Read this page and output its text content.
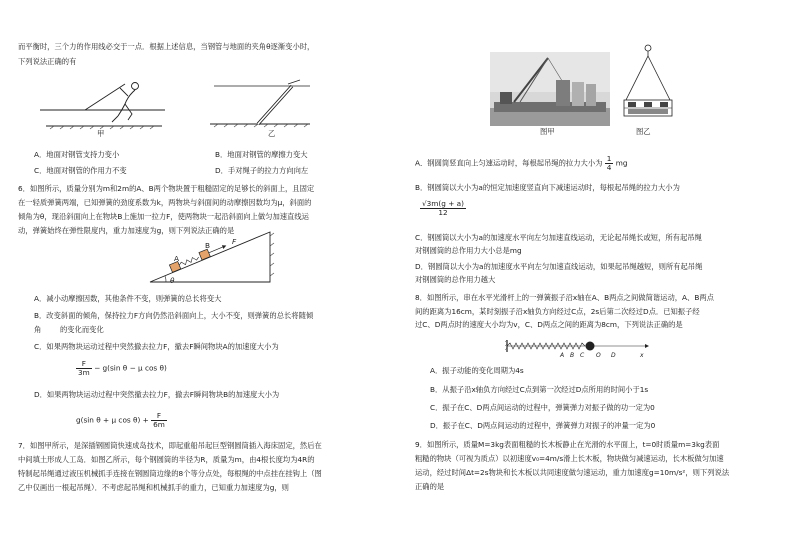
而平衡时，三个力的作用线必交于一点．根据上述信息，当钢管与地面的夹角θ逐渐变小时，
下列说法正确的有
甲	乙
A．地面对钢管支持力变小	B．地面对钢管的摩擦力变大
C．地面对钢管的作用力不变	D．手对绳子的拉力方向向左
6．如图所示，质量分别为m和2m的A、B两个物块置于粗糙固定的足够长的斜面上，且固定
在一轻质弹簧两端，已知弹簧的劲度系数为k，两物块与斜面间的动摩擦因数均为μ，斜面的
倾角为θ，现沿斜面向上在物块B上施加一拉力F，使两物块一起沿斜面向上做匀加速直线运
动，弹簧始终在弹性限度内，重力加速度为g，则下列说法正确的是
A
B	F
θ
A．减小动摩擦因数，其他条件不变，则弹簧的总长将变大
B．改变斜面的倾角，保持拉力F方向仍然沿斜面向上，大小不变，则弹簧的总长将随倾
角	的变化而变化
C．如果两物块运动过程中突然撤去拉力F，撤去F瞬间物块A的加速度大小为
$\frac{F}{3m} - g(\sin$ θ − μ cos θ)
D．如果两物块运动过程中突然撤去拉力F，撤去F瞬间物块B的加速度大小为
g(sin θ + μ $\cos \theta) + \frac{F}{6m}$
7．如图甲所示，是深插钢圆筒快速成岛技术，即起重船吊起巨型钢圆筒插入海床固定，然后在
中间填土形成人工岛．如图乙所示，每个钢圆筒的半径为R，质量为m，由4根长度均为4R的
特制起吊绳通过液压机械抓手连接在钢圆筒边缘的8个等分点处，每根绳的中点挂在挂钩上（图
乙中仅画出一根起吊绳）．不考虑起吊绳和机械抓手的重力，已知重力加速度为g，则
图甲	图乙
A．钢圆筒竖直向上匀速运动时，每根起吊绳的拉力大小为 $\frac{1}{4}$ mg
B．钢圆筒以大小为a的恒定加速度竖直向下减速运动时，每根起吊绳的拉力大小为
$\frac{√3m(g + a)}{12}$
C．钢圆筒以大小为a的加速度水平向左匀加速直线运动，无论起吊绳长或短，所有起吊绳
对钢圆筒的总作用力大小总是mg
D．钢圆筒以大小为a的加速度水平向左匀加速直线运动，如果起吊绳越短，则所有起吊绳
对钢圆筒的总作用力越大
8．如图所示，串在水平光滑杆上的一弹簧振子沿x轴在A、B两点之间做简谐运动，A、B两点
间的距离为16cm，某时刻振子沿x轴负方向经过C点，2s后第二次经过D点．已知振子经
过C、D两点时的速度大小均为v，C、D两点之间的距离为8cm，下列说法正确的是
A B C O D	x
A．振子动能的变化周期为4s
B．从振子沿x轴负方向经过C点到第一次经过D点所用的时间小于1s
C．振子在C、D两点间运动的过程中，弹簧弹力对振子做的功一定为0
D．振子在C、D两点间运动的过程中，弹簧弹力对振子的冲量一定为0
9．如图所示，质量M=3kg表面粗糙的长木板静止在光滑的水平面上，t=0时质量m=3kg表面
粗糙的物块（可视为质点）以初速度v₀=4m/s滑上长木板，物块做匀减速运动，长木板做匀加速
运动，经过时间Δt=2s物块和长木板以共同速度做匀速运动，重力加速度g=10m/s²，则下列说法
正确的是
